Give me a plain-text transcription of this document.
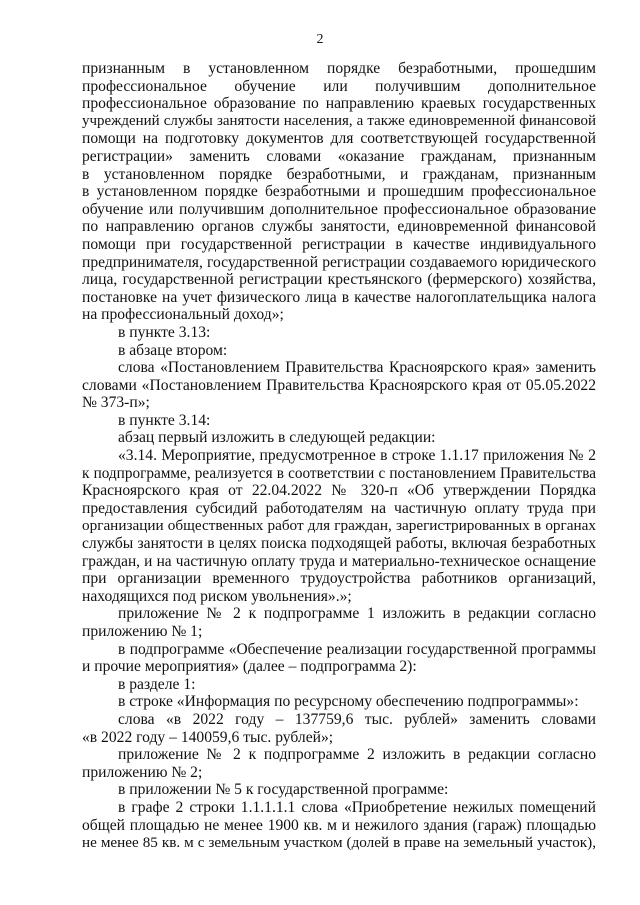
2
признанным в установленном порядке безработными, прошедшим
профессиональное обучение или получившим дополнительное
профессиональное образование по направлению краевых государственных
учреждений службы занятости населения, а также единовременной финансовой
помощи на подготовку документов для соответствующей государственной
регистрации» заменить словами «оказание гражданам, признанным
в установленном порядке безработными, и гражданам, признанным
в установленном порядке безработными и прошедшим профессиональное
обучение или получившим дополнительное профессиональное образование
по направлению органов службы занятости, единовременной финансовой
помощи при государственной регистрации в качестве индивидуального
предпринимателя, государственной регистрации создаваемого юридического
лица, государственной регистрации крестьянского (фермерского) хозяйства,
постановке на учет физического лица в качестве налогоплательщика налога
на профессиональный доход»;
в пункте 3.13:
в абзаце втором:
слова «Постановлением Правительства Красноярского края» заменить
словами «Постановлением Правительства Красноярского края от 05.05.2022
№ 373-п»;
в пункте 3.14:
абзац первый изложить в следующей редакции:
«3.14. Мероприятие, предусмотренное в строке 1.1.17 приложения № 2
к подпрограмме, реализуется в соответствии с постановлением Правительства
Красноярского края от 22.04.2022 № 320-п «Об утверждении Порядка
предоставления субсидий работодателям на частичную оплату труда при
организации общественных работ для граждан, зарегистрированных в органах
службы занятости в целях поиска подходящей работы, включая безработных
граждан, и на частичную оплату труда и материально-техническое оснащение
при организации временного трудоустройства работников организаций,
находящихся под риском увольнения».»;
приложение № 2 к подпрограмме 1 изложить в редакции согласно
приложению № 1;
в подпрограмме «Обеспечение реализации государственной программы
и прочие мероприятия» (далее – подпрограмма 2):
в разделе 1:
в строке «Информация по ресурсному обеспечению подпрограммы»:
слова «в 2022 году – 137759,6 тыс. рублей» заменить словами
«в 2022 году – 140059,6 тыс. рублей»;
приложение № 2 к подпрограмме 2 изложить в редакции согласно
приложению № 2;
в приложении № 5 к государственной программе:
в графе 2 строки 1.1.1.1.1 слова «Приобретение нежилых помещений
общей площадью не менее 1900 кв. м и нежилого здания (гараж) площадью
не менее 85 кв. м с земельным участком (долей в праве на земельный участок),
